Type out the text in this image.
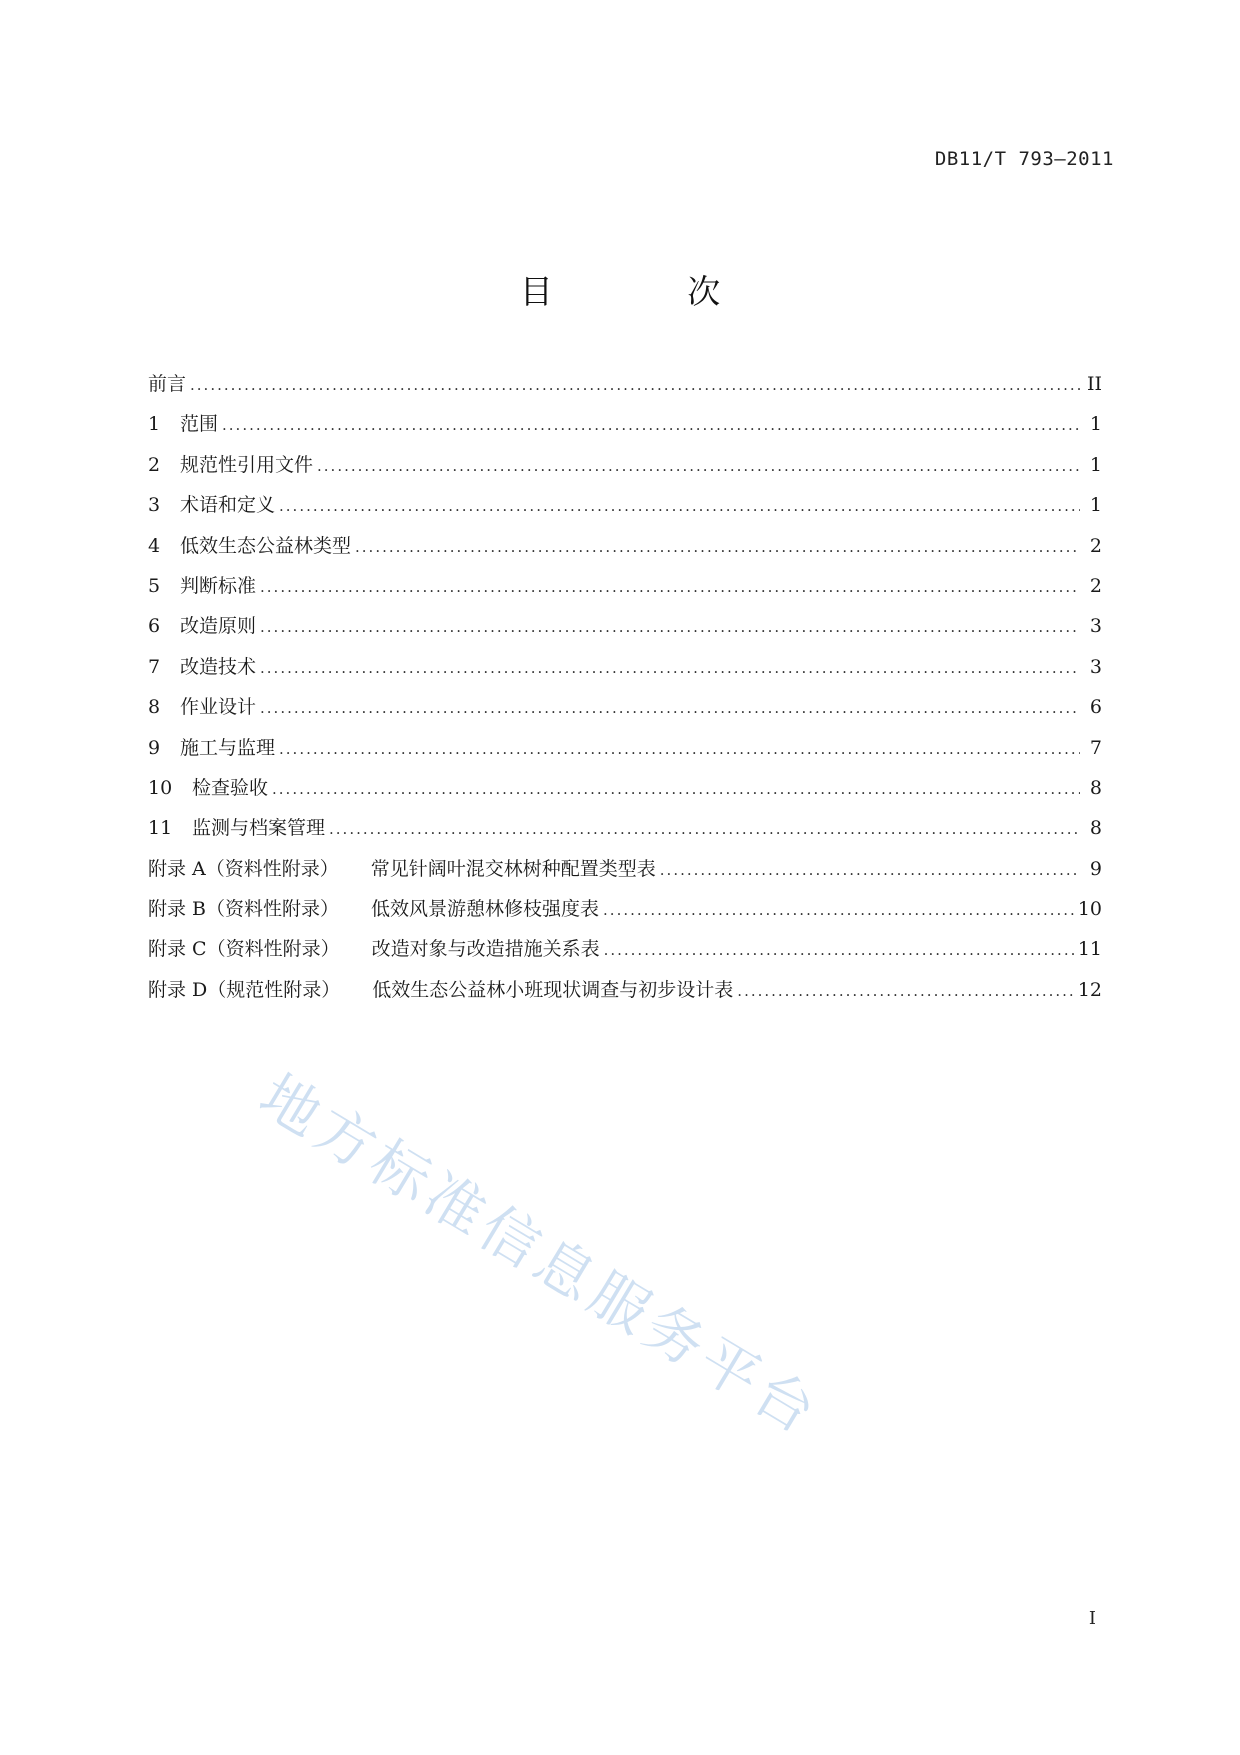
DB11/T 793—2011
目 次
前言 .....	II
1 范围 .....	1
2 规范性引用文件 .....	1
3 术语和定义 .....	1
4 低效生态公益林类型 .....	2
5 判断标准 .....	2
6 改造原则 .....	3
7 改造技术 .....	3
8 作业设计 .....	6
9 施工与监理 .....	7
10 检查验收 .....	8
11 监测与档案管理 .....	8
附录 A（资料性附录） 常见针阔叶混交林树种配置类型表 .....	9
附录 B（资料性附录） 低效风景游憩林修枝强度表 .....	10
附录 C（资料性附录） 改造对象与改造措施关系表 .....	11
附录 D（规范性附录） 低效生态公益林小班现状调查与初步设计表 .....	12
地方标准信息服务平台
I
